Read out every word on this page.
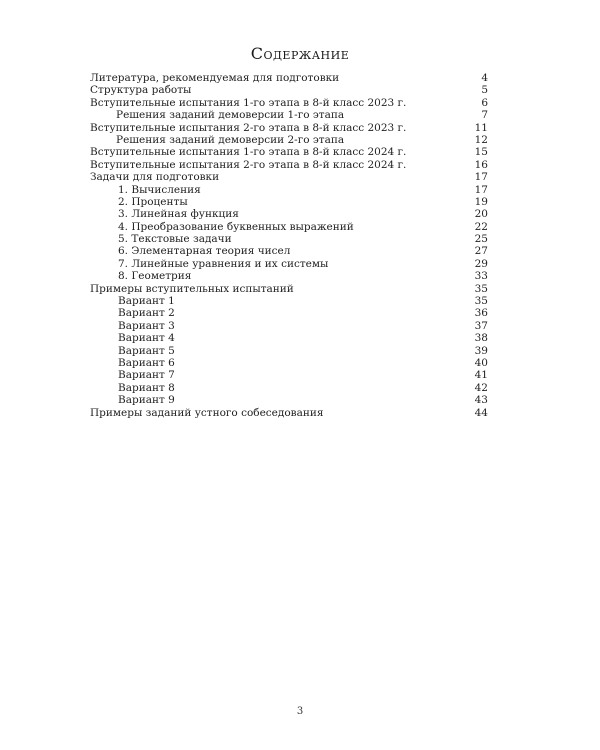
Содержание
Литература, рекомендуемая для подготовки	4
Структура работы	5
Вступительные испытания 1-го этапа в 8-й класс 2023 г.	6
Решения заданий демоверсии 1-го этапа	7
Вступительные испытания 2-го этапа в 8-й класс 2023 г.	11
Решения заданий демоверсии 2-го этапа	12
Вступительные испытания 1-го этапа в 8-й класс 2024 г.	15
Вступительные испытания 2-го этапа в 8-й класс 2024 г.	16
Задачи для подготовки	17
1. Вычисления	17
2. Проценты	19
3. Линейная функция	20
4. Преобразование буквенных выражений	22
5. Текстовые задачи	25
6. Элементарная теория чисел	27
7. Линейные уравнения и их системы	29
8. Геометрия	33
Примеры вступительных испытаний	35
Вариант 1	35
Вариант 2	36
Вариант 3	37
Вариант 4	38
Вариант 5	39
Вариант 6	40
Вариант 7	41
Вариант 8	42
Вариант 9	43
Примеры заданий устного собеседования	44
3
